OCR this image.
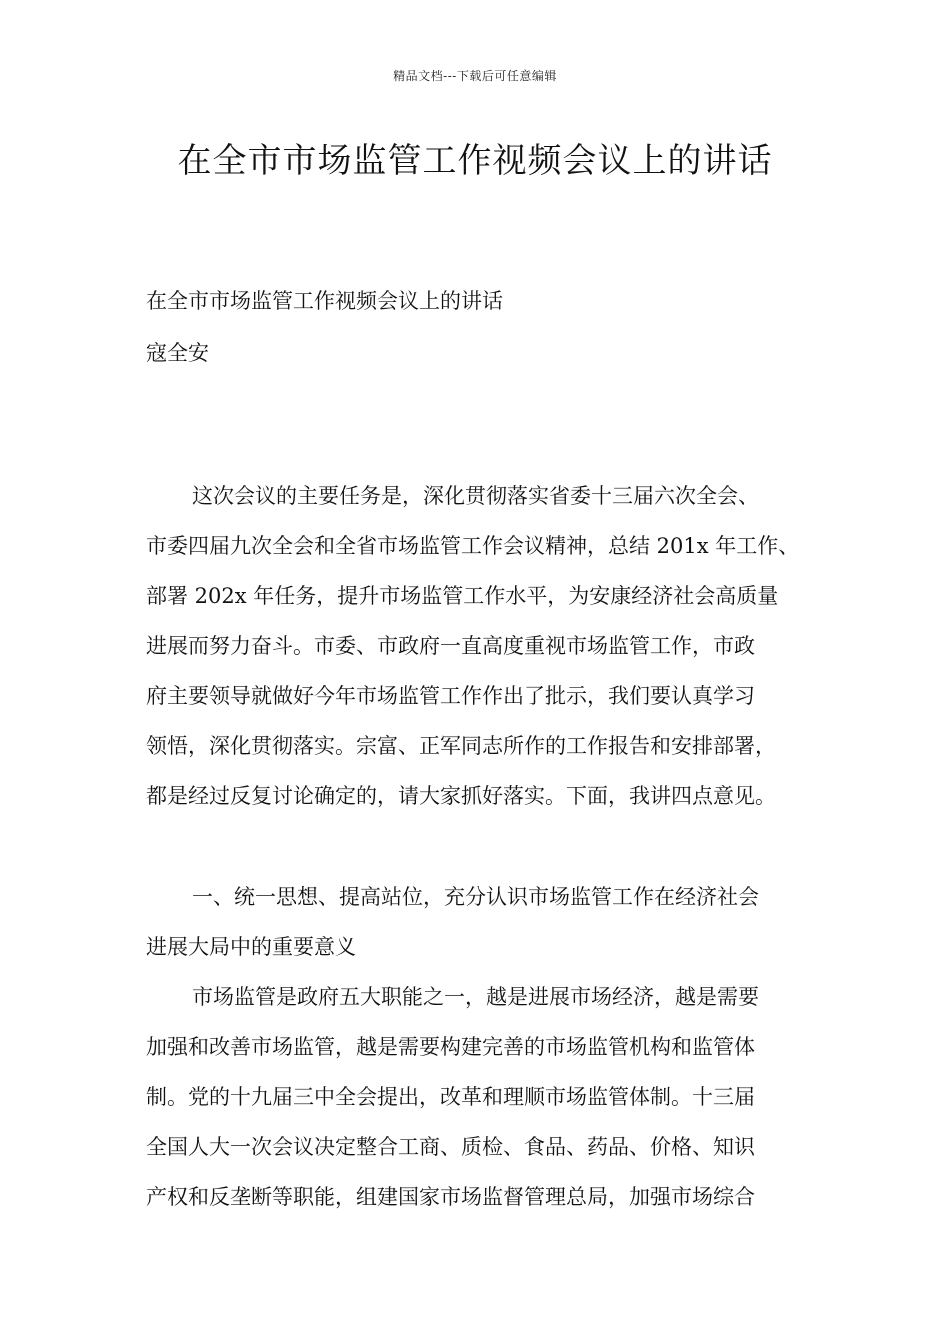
精品文档---下载后可任意编辑
在全市市场监管工作视频会议上的讲话
在全市市场监管工作视频会议上的讲话
寇全安
这次会议的主要任务是，深化贯彻落实省委十三届六次全会、
市委四届九次全会和全省市场监管工作会议精神，总结 201x 年工作、
部署 202x 年任务，提升市场监管工作水平，为安康经济社会高质量
进展而努力奋斗。市委、市政府一直高度重视市场监管工作，市政
府主要领导就做好今年市场监管工作作出了批示，我们要认真学习
领悟，深化贯彻落实。宗富、正军同志所作的工作报告和安排部署，
都是经过反复讨论确定的，请大家抓好落实。下面，我讲四点意见。
一、统一思想、提高站位，充分认识市场监管工作在经济社会
进展大局中的重要意义
市场监管是政府五大职能之一，越是进展市场经济，越是需要
加强和改善市场监管，越是需要构建完善的市场监管机构和监管体
制。党的十九届三中全会提出，改革和理顺市场监管体制。十三届
全国人大一次会议决定整合工商、质检、食品、药品、价格、知识
产权和反垄断等职能，组建国家市场监督管理总局，加强市场综合
